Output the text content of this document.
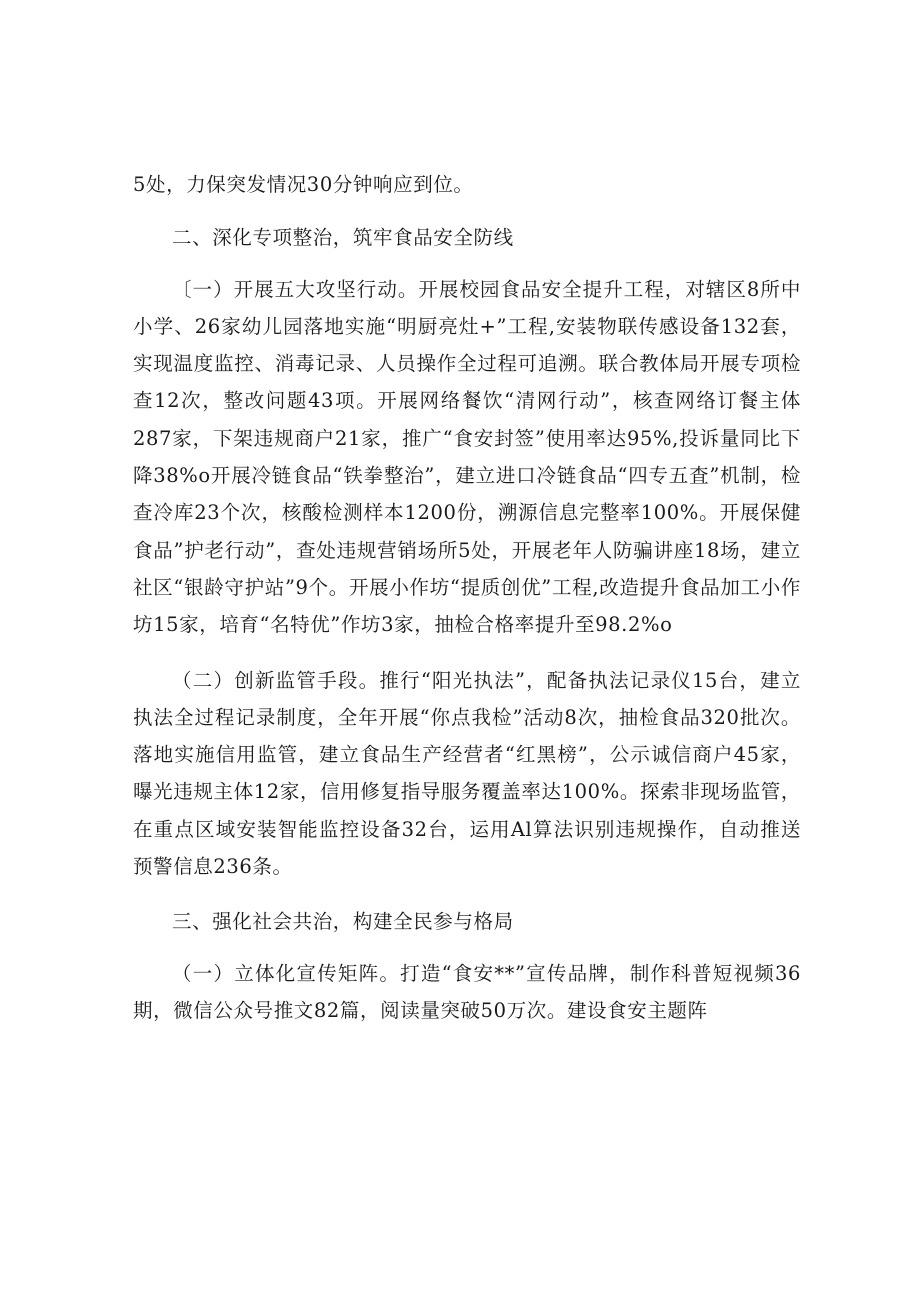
5处，力保突发情况30分钟响应到位。

二、深化专项整治，筑牢食品安全防线

〔一）开展五大攻坚行动。开展校园食品安全提升工程，对辖区8所中小学、26家幼儿园落地实施“明厨亮灶+”工程,安装物联传感设备132套，实现温度监控、消毒记录、人员操作全过程可追溯。联合教体局开展专项检查12次，整改问题43项。开展网络餐饮“清网行动”，核查网络订餐主体287家，下架违规商户21家，推广“食安封签”使用率达95%,投诉量同比下降38%o开展冷链食品“铁拳整治”，建立进口冷链食品“四专五査”机制，检查冷库23个次，核酸检测样本1200份，溯源信息完整率100%。开展保健食品”护老行动”，查处违规营销场所5处，开展老年人防骗讲座18场，建立社区“银龄守护站”9个。开展小作坊“提质创优”工程,改造提升食品加工小作坊15家，培育“名特优”作坊3家，抽检合格率提升至98.2%o

（二）创新监管手段。推行“阳光执法”，配备执法记录仪15台，建立执法全过程记录制度，全年开展“你点我检”活动8次，抽检食品320批次。落地实施信用监管，建立食品生产经营者“红黑榜”，公示诚信商户45家，曝光违规主体12家，信用修复指导服务覆盖率达100%。探索非现场监管，在重点区域安装智能监控设备32台，运用Al算法识别违规操作，自动推送预警信息236条。

三、强化社会共治，构建全民参与格局

（一）立体化宣传矩阵。打造“食安**”宣传品牌，制作科普短视频36期，微信公众号推文82篇，阅读量突破50万次。建设食安主题阵
